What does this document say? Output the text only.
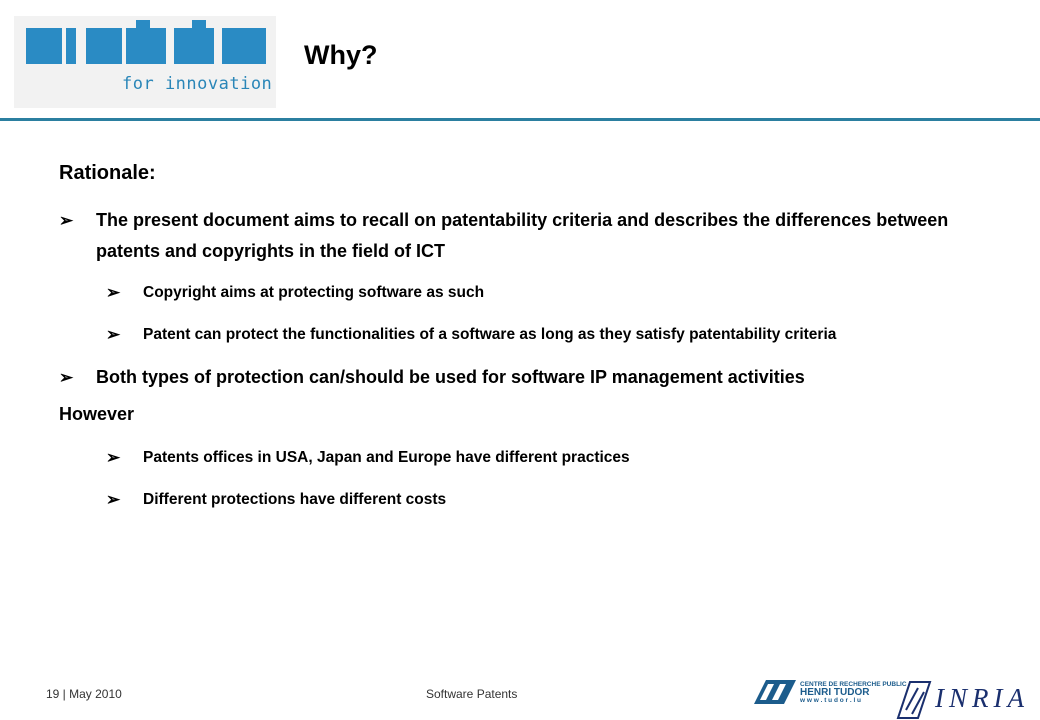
for innovation
Why?
Rationale:
➢ The present document aims to recall on patentability criteria and describes the differences between patents and copyrights in the field of ICT
➢ Copyright aims at protecting software as such
➢ Patent can protect the functionalities of a software as long as they satisfy patentability criteria
➢ Both types of protection can/should be used for software IP management activities
However
➢ Patents offices in USA, Japan and Europe have different practices
➢ Different protections have different costs
19 | May 2010	Software Patents
CENTRE DE RECHERCHE PUBLIC
HENRI TUDOR
w w w . t u d o r . l u	INRIA
